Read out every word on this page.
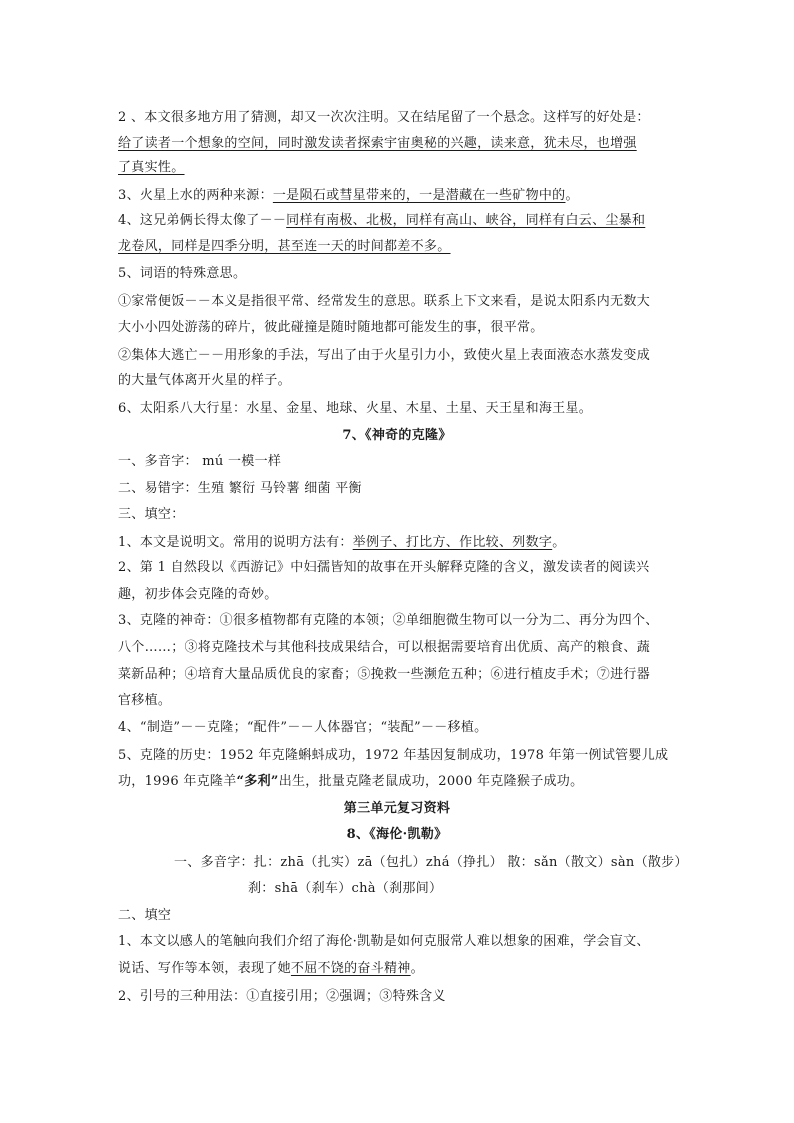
2 、本文很多地方用了猜测，却又一次次注明。又在结尾留了一个悬念。这样写的好处是：
给了读者一个想象的空间，同时激发读者探索宇宙奥秘的兴趣，读来意，犹未尽，也增强
了真实性。
3、火星上水的两种来源：一是陨石或彗星带来的，一是潜藏在一些矿物中的。
4、这兄弟俩长得太像了－－同样有南极、北极，同样有高山、峡谷，同样有白云、尘暴和
龙卷风，同样是四季分明，甚至连一天的时间都差不多。
5、词语的特殊意思。
①家常便饭－－本义是指很平常、经常发生的意思。联系上下文来看，是说太阳系内无数大
大小小四处游荡的碎片，彼此碰撞是随时随地都可能发生的事，很平常。
②集体大逃亡－－用形象的手法，写出了由于火星引力小，致使火星上表面液态水蒸发变成
的大量气体离开火星的样子。
6、太阳系八大行星：水星、金星、地球、火星、木星、土星、天王星和海王星。
7、《神奇的克隆》
一、多音字： mú 一模一样
二、易错字：生殖 繁衍 马铃薯 细菌 平衡
三、填空：
1、本文是说明文。常用的说明方法有：举例子、打比方、作比较、列数字。
2、第 1 自然段以《西游记》中妇孺皆知的故事在开头解释克隆的含义，激发读者的阅读兴
趣，初步体会克隆的奇妙。
3、克隆的神奇：①很多植物都有克隆的本领；②单细胞微生物可以一分为二、再分为四个、
八个……；③将克隆技术与其他科技成果结合，可以根据需要培育出优质、高产的粮食、蔬
菜新品种；④培育大量品质优良的家畜；⑤挽救一些濒危五种；⑥进行植皮手术；⑦进行器
官移植。
4、“制造”－－克隆；“配件”－－人体器官；“装配”－－移植。
5、克隆的历史：1952 年克隆蝌蚪成功，1972 年基因复制成功，1978 年第一例试管婴儿成
功，1996 年克隆羊“多利”出生，批量克隆老鼠成功，2000 年克隆猴子成功。
第三单元复习资料
8、《海伦·凯勒》
一、多音字：扎：zhā（扎实）zā（包扎）zhá（挣扎） 散：sǎn（散文）sàn（散步）
刹：shā（刹车）chà（刹那间）
二、填空
1、本文以感人的笔触向我们介绍了海伦·凯勒是如何克服常人难以想象的困难，学会盲文、
说话、写作等本领，表现了她不屈不饶的奋斗精神。
2、引号的三种用法：①直接引用；②强调；③特殊含义
